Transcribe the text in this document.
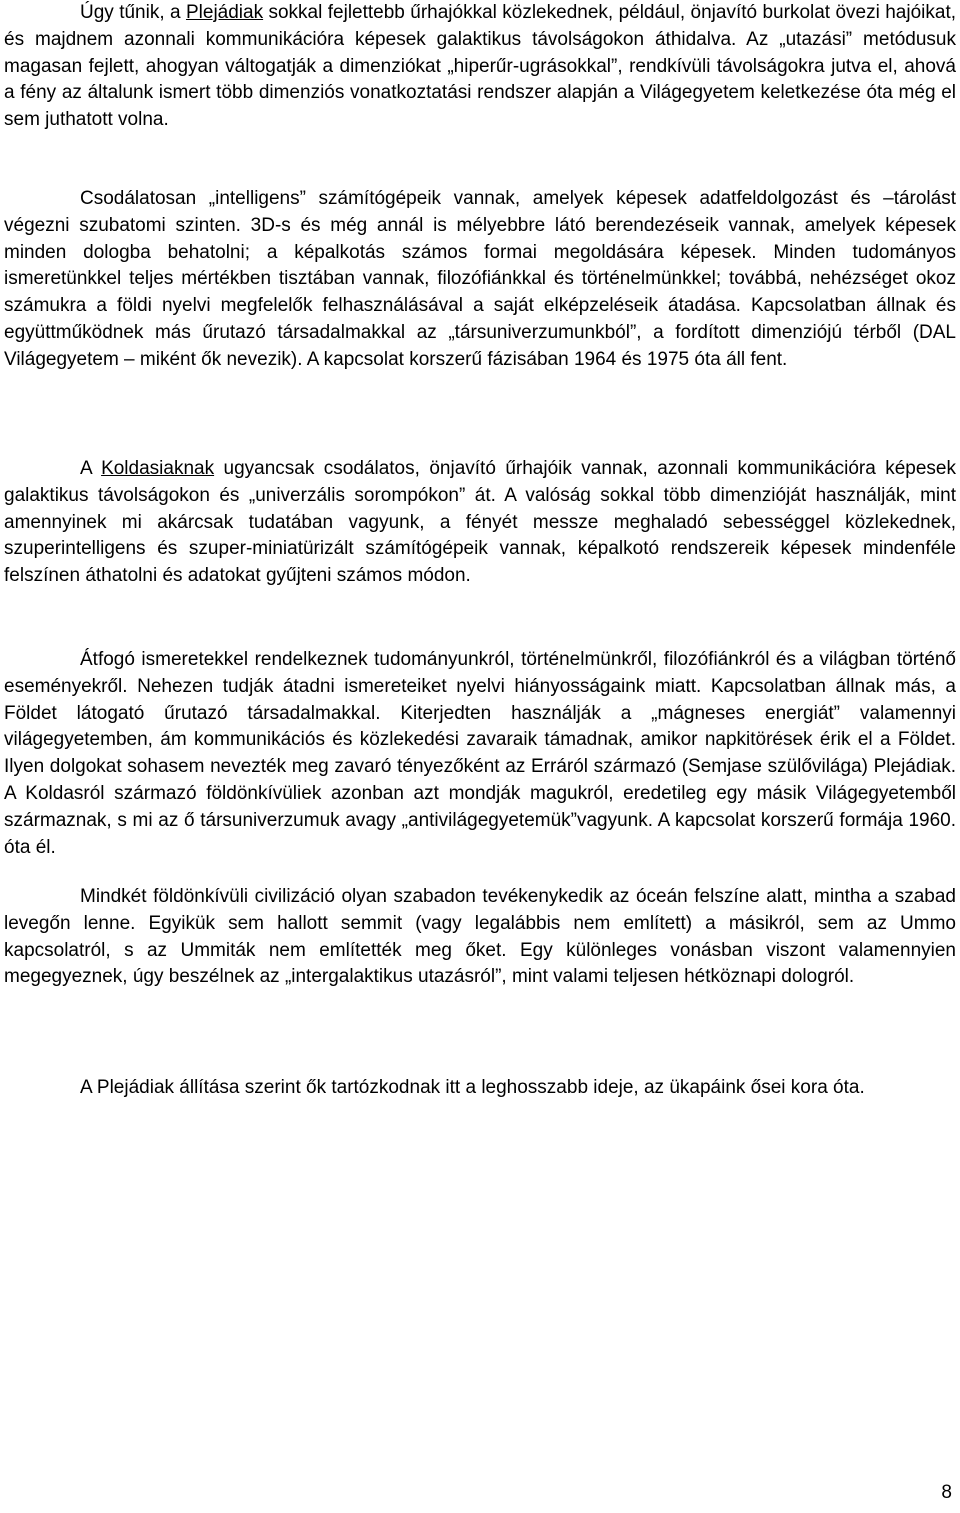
Úgy tűnik, a Plejádiak sokkal fejlettebb űrhajókkal közlekednek, például, önjavító burkolat övezi hajóikat, és majdnem azonnali kommunikációra képesek galaktikus távolságokon áthidalva. Az „utazási” metódusuk magasan fejlett, ahogyan váltogatják a dimenziókat „hiperűr-ugrásokkal”, rendkívüli távolságokra jutva el, ahová a fény az általunk ismert több dimenziós vonatkoztatási rendszer alapján a Világegyetem keletkezése óta még el sem juthatott volna.

Csodálatosan „intelligens” számítógépeik vannak, amelyek képesek adatfeldolgozást és –tárolást végezni szubatomi szinten. 3D-s és még annál is mélyebbre látó berendezéseik vannak, amelyek képesek minden dologba behatolni; a képalkotás számos formai megoldására képesek. Minden tudományos ismeretünkkel teljes mértékben tisztában vannak, filozófiánkkal és történelmünkkel; továbbá, nehézséget okoz számukra a földi nyelvi megfelelők felhasználásával a saját elképzeléseik átadása. Kapcsolatban állnak és együttműködnek más űrutazó társadalmakkal az „társuniverzumunkból”, a fordított dimenziójú térből (DAL Világegyetem – miként ők nevezik). A kapcsolat korszerű fázisában 1964 és 1975 óta áll fent.

A Koldasiaknak ugyancsak csodálatos, önjavító űrhajóik vannak, azonnali kommunikációra képesek galaktikus távolságokon és „univerzális sorompókon” át. A valóság sokkal több dimenzióját használják, mint amennyinek mi akárcsak tudatában vagyunk, a fényét messze meghaladó sebességgel közlekednek, szuperintelligens és szuper-miniatürizált számítógépeik vannak, képalkotó rendszereik képesek mindenféle felszínen áthatolni és adatokat gyűjteni számos módon.

Átfogó ismeretekkel rendelkeznek tudományunkról, történelmünkről, filozófiánkról és a világban történő eseményekről. Nehezen tudják átadni ismereteiket nyelvi hiányosságaink miatt. Kapcsolatban állnak más, a Földet látogató űrutazó társadalmakkal. Kiterjedten használják a „mágneses energiát” valamennyi világegyetemben, ám kommunikációs és közlekedési zavaraik támadnak, amikor napkitörések érik el a Földet. Ilyen dolgokat sohasem nevezték meg zavaró tényezőként az Erráról származó (Semjase szülővilága) Plejádiak. A Koldasról származó földönkívüliek azonban azt mondják magukról, eredetileg egy másik Világegyetemből származnak, s mi az ő társuniverzumuk avagy „antivilágegyetemük”vagyunk. A kapcsolat korszerű formája 1960. óta él.

Mindkét földönkívüli civilizáció olyan szabadon tevékenykedik az óceán felszíne alatt, mintha a szabad levegőn lenne. Egyikük sem hallott semmit (vagy legalábbis nem említett) a másikról, sem az Ummo kapcsolatról, s az Ummiták nem említették meg őket. Egy különleges vonásban viszont valamennyien megegyeznek, úgy beszélnek az „intergalaktikus utazásról”, mint valami teljesen hétköznapi dologról.

A Plejádiak állítása szerint ők tartózkodnak itt a leghosszabb ideje, az ükapáink ősei kora óta.

8
